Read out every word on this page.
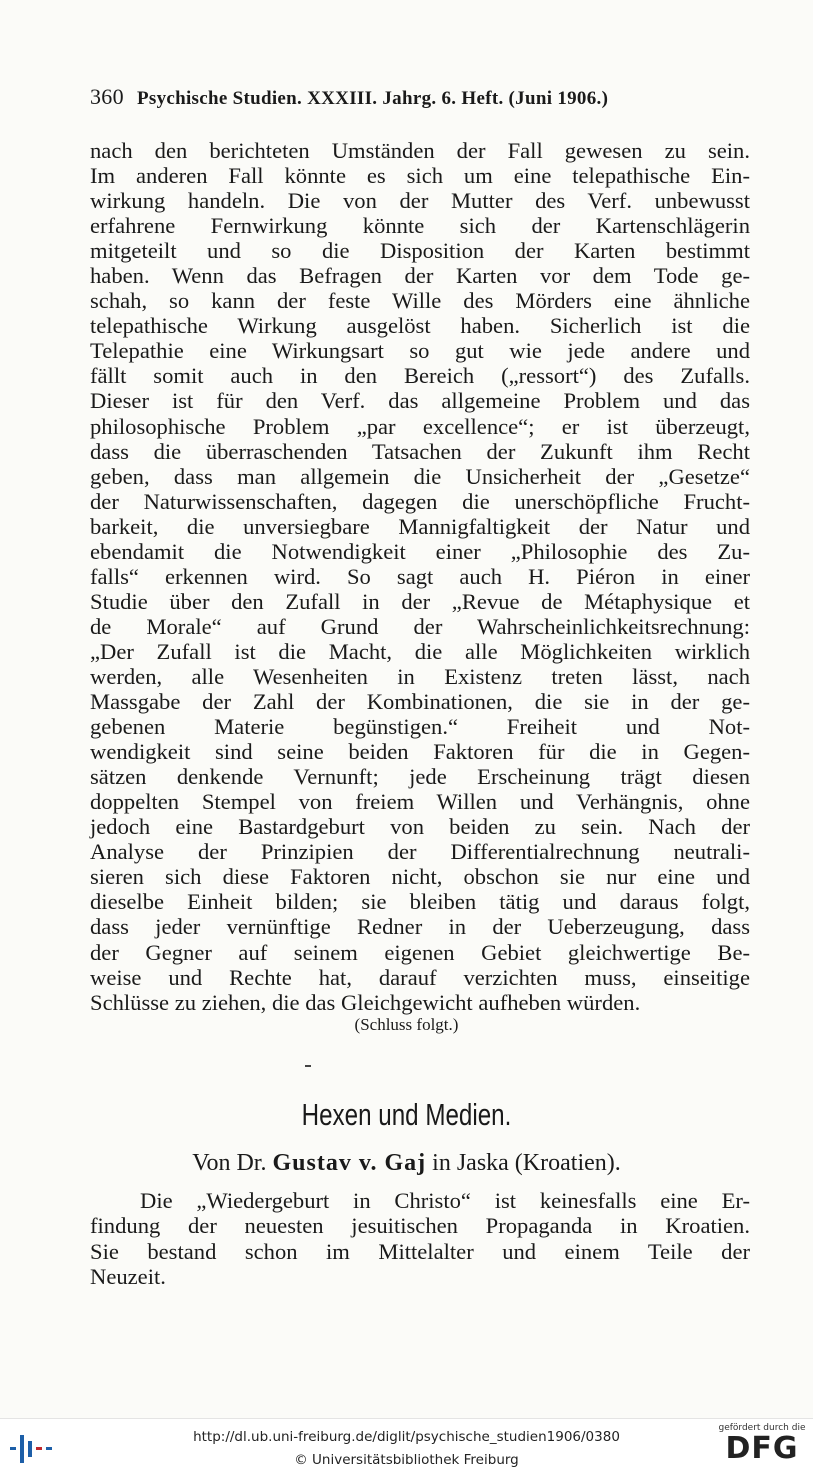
360 Psychische Studien. XXXIII. Jahrg. 6. Heft. (Juni 1906.)
nach den berichteten Umständen der Fall gewesen zu sein.
Im anderen Fall könnte es sich um eine telepathische Ein-
wirkung handeln. Die von der Mutter des Verf. unbewusst
erfahrene Fernwirkung könnte sich der Kartenschlägerin
mitgeteilt und so die Disposition der Karten bestimmt
haben. Wenn das Befragen der Karten vor dem Tode ge-
schah, so kann der feste Wille des Mörders eine ähnliche
telepathische Wirkung ausgelöst haben. Sicherlich ist die
Telepathie eine Wirkungsart so gut wie jede andere und
fällt somit auch in den Bereich („ressort“) des Zufalls.
Dieser ist für den Verf. das allgemeine Problem und das
philosophische Problem „par excellence“; er ist überzeugt,
dass die überraschenden Tatsachen der Zukunft ihm Recht
geben, dass man allgemein die Unsicherheit der „Gesetze“
der Naturwissenschaften, dagegen die unerschöpfliche Frucht-
barkeit, die unversiegbare Mannigfaltigkeit der Natur und
ebendamit die Notwendigkeit einer „Philosophie des Zu-
falls“ erkennen wird. So sagt auch H. Piéron in einer
Studie über den Zufall in der „Revue de Métaphysique et
de Morale“ auf Grund der Wahrscheinlichkeitsrechnung:
„Der Zufall ist die Macht, die alle Möglichkeiten wirklich
werden, alle Wesenheiten in Existenz treten lässt, nach
Massgabe der Zahl der Kombinationen, die sie in der ge-
gebenen Materie begünstigen.“ Freiheit und Not-
wendigkeit sind seine beiden Faktoren für die in Gegen-
sätzen denkende Vernunft; jede Erscheinung trägt diesen
doppelten Stempel von freiem Willen und Verhängnis, ohne
jedoch eine Bastardgeburt von beiden zu sein. Nach der
Analyse der Prinzipien der Differentialrechnung neutrali-
sieren sich diese Faktoren nicht, obschon sie nur eine und
dieselbe Einheit bilden; sie bleiben tätig und daraus folgt,
dass jeder vernünftige Redner in der Ueberzeugung, dass
der Gegner auf seinem eigenen Gebiet gleichwertige Be-
weise und Rechte hat, darauf verzichten muss, einseitige
Schlüsse zu ziehen, die das Gleichgewicht aufheben würden.
(Schluss folgt.)
Hexen und Medien.
Von Dr. Gustav v. Gaj in Jaska (Kroatien).
Die „Wiedergeburt in Christo“ ist keinesfalls eine Er-
findung der neuesten jesuitischen Propaganda in Kroatien.
Sie bestand schon im Mittelalter und einem Teile der
Neuzeit.
http://dl.ub.uni-freiburg.de/diglit/psychische_studien1906/0380
© Universitätsbibliothek Freiburg
gefördert durch die
DFG
